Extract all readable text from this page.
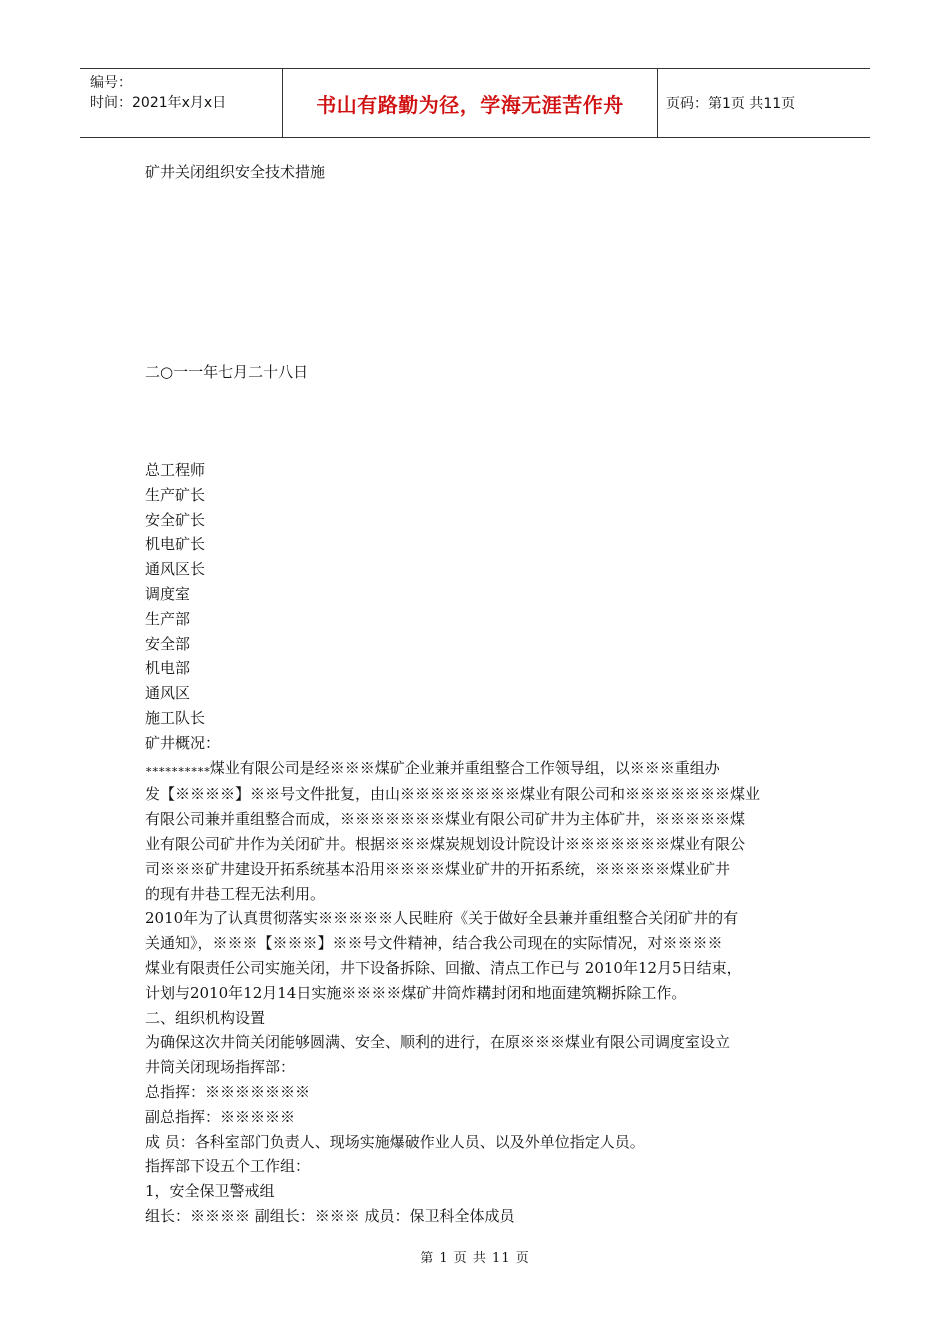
编号：
时间：2021年x月x日	书山有路勤为径，学海无涯苦作舟	页码：第1页 共11页
矿井关闭组织安全技术措施
二○一一年七月二十八日

总工程师

生产矿长

安全矿长

机电矿长

通风区长

调度室

生产部

安全部

机电部

通风区

施工队长

矿井概况：

∗∗∗∗∗∗∗∗∗∗煤业有限公司是经※※※煤矿企业兼并重组整合工作领导组，以※※※重组办

发【※※※※】※※号文件批复，由山※※※※※※※※煤业有限公司和※※※※※※※煤业

有限公司兼并重组整合而成，※※※※※※※煤业有限公司矿井为主体矿井，※※※※※煤

业有限公司矿井作为关闭矿井。根据※※※煤炭规划设计院设计※※※※※※※煤业有限公

司※※※矿井建设开拓系统基本沿用※※※※煤业矿井的开拓系统，※※※※※煤业矿井

的现有井巷工程无法利用。

2010年为了认真贯彻落实※※※※※人民畦府《关于做好全县兼并重组整合关闭矿井的有

关通知》，※※※【※※※】※※号文件精神，结合我公司现在的实际情况，对※※※※

煤业有限责任公司实施关闭，井下设备拆除、回撤、清点工作已与 2010年12月5日结束，

计划与2010年12月14日实施※※※※煤矿井筒炸耩封闭和地面建筑糊拆除工作。

二、组织机构设置

为确保这次井筒关闭能够圆满、安全、顺利的进行，在原※※※煤业有限公司调度室设立

井筒关闭现场指挥部：

总指挥：※※※※※※※

副总指挥：※※※※※

成 员：各科室部门负责人、现场实施爆破作业人员、以及外单位指定人员。

指挥部下设五个工作组：

1，安全保卫警戒组

组长：※※※※ 副组长：※※※ 成员：保卫科全体成员

第 1 页 共 11 页
